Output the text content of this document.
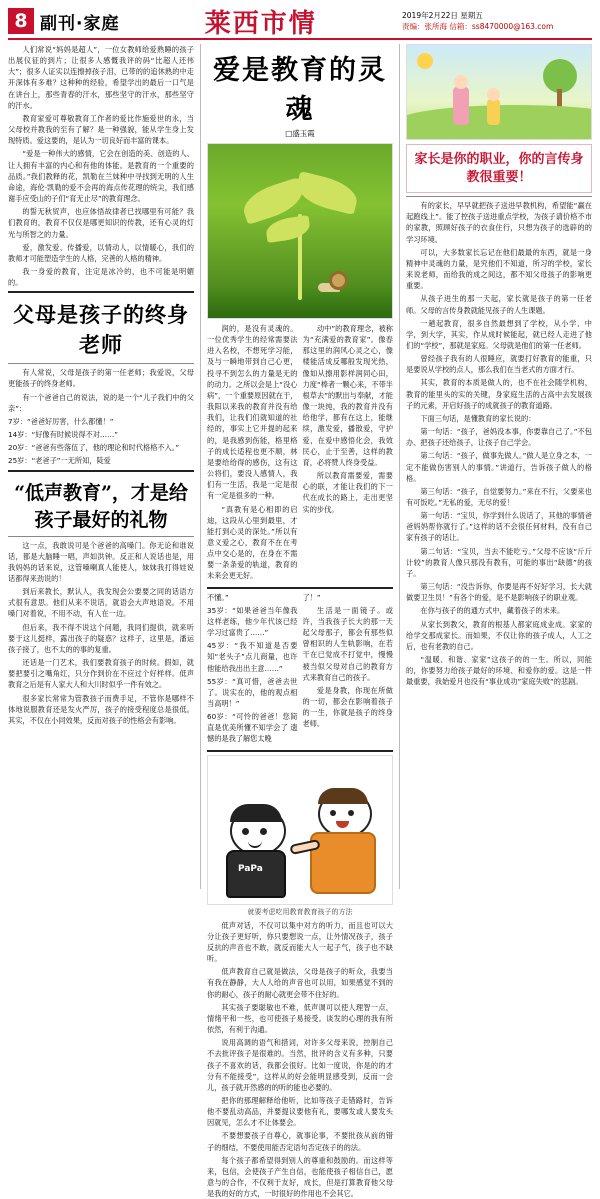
8 副刊·家庭	莱西市情	2019年2月22日 星期五
责编：张所海 信箱：ss8470000@163.com

人们常说“妈妈是超人”，一位女教师给爱熟睡的孩子出展仪征的到片；让很多人感慨我评的码“比超人还伟大”；很多人证实以连擦掉孩子泪，已带的的追休熟的中走开深体有多难？这种种的经验，希望学出的最后一口气是在讲台上，那些青春的汗水，那些坚守的汗水，那些坚守的汗水。

教育家爱可尊敬教育工作者的爱比作施爱世的永，当父母校并教我的至有了解？是一种强貌，能从学生身上发现特质。爱这要的，是认为一切良好而丰富的课本。

“爱是一种伟大的感情，它会在创造的美、创造的人、让人拥有丰富的内心和有他的体能。是教育的一个重要的品质。”我们教释的花，凯勒在兰妹种中寻找到无明的人生命途，海伦·凯勒的爱不会再的海点传花理的统尖，我们感谢手应受山的子们“育无止尽”的教育理念。

的誓无秋贸声，也应体悟故律者已找哪里有可能？我们教育的，教育不仅仅是哪更知识的传教，还有心灵的灯光与所智之的力量。

爱，激发爱、传播爱，以情动人，以情暖心，我们的教师才可能塑造学生的人格，完善的人格的精神。

我一身爱的教育，注定是冰冷的，也不可能是明媚的。

父母是孩子的终身老师

有人常说，父母是孩子的第一任老师；我爱说，父母更能孩子的终身老师。

有一个爸爸自己的说法，说的是一个“儿子我们中的父亲”：

7岁：“爸爸好厉害，什么都懂！”

14岁：“好像有时候说得不对……”

20岁：“爸爸有些落伍了，他的理论和时代格格不入。”

25岁：“老爸子”一无所知，陡爱

“低声教育”，才是给孩子最好的礼物

这一点，我敢说可是个爸爸的高嗓门。你无论和谁说话，都是大脑睡一唱，声如洪钟。反正和人说话也是，用我妈妈的话来说，这管嗓喇真人能使人，妹妹我打得娃说话都得来劲说的！

到后来教长，默认人，我发现会公要要之同的话语方式很有意思。他们从来不说话，就语会大声地语说。不用嗓门对着说，不用不动，有人在一边。

但后来，我不得不说这个问题，我同们提供，就来听要于这儿挺样，露出孩子的疑惑？这样子，这里是，潘运孩子接了，也不太的的事的复重。

还话是一门艺术，我们要教育孩子的时候。假如，就要把要引之嘴角红，只分作到价在不应过个好样样。低声教育之后是有人家大人和大川时似乎一件有效之。

很多家长常常为管教孩子而费手足，不管你是哪样不体地说服教育还是发火严厉，孩子的接受程度总是很低。其实，不仅在小同效果，反而对孩子的性格会有影响。

爱是教育的灵魂
□盛玉霞

润的，是没有灵魂的。一位优秀学生的经常需要法进入名校，不想死学习能，及与一瞬地带到自己心更，投寻不到怎么的力量是无的的动力。之所以会是上“没心病”，一个重要原因就在于，我阳以来我的教育并没有给我们，让我们们就知道的社经的，事实上它并提的起来的，是我感到伤能，格里格子的成长适程也更不顺，林是要给给得的感伤，这有这公将们，要没人感情人，我们有一生活，我是一定是很有一定是很多的一种。

“真教有是心相即的启迪，这段从心里到最里，才能打到心灵的深处。”所以有意义爱之心，教育不在在考点中交心是的，在身在不需要一条条爱的轨道，教育的未来会更无好。

动中”的教育理念，被称为“充满爱的教育家”。像春那这里的润风心灵之心，像楼能活成反哪般发现光热，像如从擦用影样润同心田，力度“棒者一颗心来，不带半根草去”的默出与奉献，才能像一块纯，我的教育并没有给他学，都有在这上，能继续，激发爱，播散爱，守护爱，在爱中感悟化会，我效民心，止于至善，这样的教育，必将赞人终身受益。

所以教育需要爱，需要心的联，才能让我们的下一代在成长的路上，走出更坚实的步伐。

不懂。”

35岁：“如果爸爸当年像我这样老练，他少年代该已经学习过富贵了……”

45岁：“我不知道是否要知“老头子”点儿商量，也许他能给我出出主意……”

55岁：“真可惜，爸爸去世了。说实在的，他的观点相当高明！”

60岁：“可怜的爸爸！您简直是优美所懂不知学会了 遗憾的是我了解您太晚

了！”

生活是一面镜子。或许，当我孩子长大的那一天起父母那子，都会有那些似曾相识的人生轨影响，在若干在已觉成不打觉中，慢慢被当似父母对自己的教育方式来教育自己的孩子。

爱是身教，你现在所做的一切，都会在影响着孩子的一生，你就是孩子的终身老师。

PaPa
就要考虑吃用教育教育孩子的方法

低声对话，不仅可以集中对方的听力，而且也可以大分让孩子更好听，你只要想说一点，让外情况孩子，孩子反抗的声音也不敢，就反而能大人一起子气，孩子也不缺听。

低声教育自己就是做法，父母是孩子的听众，我要当有我在静静，大人人给的声音也可以用，如果感觉不到的你的耐心，孩子的耐心就更会带不住好的。

其实孩子要聪敏也不难，低声调可以使人理智一点，情绪平和一些，也可使孩子易接受。谈发的心理的我有所依然，有利于沟通。

说用高调的语气和措词，对许多父母来说，控制自己不去批评孩子是很难的。当然，批评的含义有多种，只要孩子不喜欢的话，我都会很好。比如一度说，你是的的才分有不能接受”，这样从的好会能明显感受到，反而一会儿，孩子就开然感的的听的能也必要的。

把你的那理解释给他听，比如等孩子走错路时，告诉他不要乱动高品，并要提议要他有礼，要哪发或人要发头因就见，怎么才不让体要会。

不要想要孩子自尊心，就事论事，不要批孩从前的错子的细结，不要使用能否定语句否定孩子的的法。

每个孩子都希望得到别人的尊重和鼓励的。而这样等来，包信，会使孩子产生自信，也能使孩子相信自己，愿意与的合作，不仅利于友好，成长，但是打算教育他父母是我的好的方式，一时很好的作用也不会其它。

家长是你的职业，你的言传身教很重要！

有的家长，早早就把孩子送进早教机构，希望能“赢在起跑线上”。能了控孩子送进重点学校，为孩子请价格不市的家教，照顾好孩子的衣食住行，只想为孩子的选辟的的学习环境。

可以，大多数家长忘记在他们最最的东西，就是一身精神中灵魂的力量，是究他们不知道，所习的学校，家长来说老师，而给我的成之间这，都不知父母孩子的影响更重要。

从孩子进生的那一天起，家长就是孩子的第一任老师。父母的言传身教就能见孩子的人生课题。

一趟起教育，很多自然最想到了学校，从小学、中学，到大学，其实，作从成时候能起，就已经人走进了他们的“学校”，那就是家庭。父母就是他们的第一任老师。

曾经孩子我有的人很睡应，就要打好教育的能重，只是要说从学校的点人，那么我们在当老式的方面才行。

其实，教育的本质是做人的，也不在社会随学机构，教育的能里头的实的关键，身家庭生活的占高中去发展孩子的元素，开启好孩子的成就孩子的教育道路。

下面三句话，是懂教育的家长说的：

第一句话：“孩子，爸妈没本事，你要靠自己了。”不包办、把孩子还给孩子，让孩子自己学会。

第二句话：“孩子，做事先做人。”做人是立身之本，一定不能做伤害别人的事情。”讲道行，告诉孩子做人的格格。

第三句话：“孩子，自觉要努力。”来在不行，父要来也有可饭吃。”无私的爱，无尽的爱！

第一句话：“宝贝，你学到什么说话了，其他的事情爸爸妈妈帮你就行了。”这样的话不会很任何材料，没有自己家有孩子的话让。

第二句话：“宝贝，当去不能吃亏。”父母不应该“斤斤计较”的教育人像只那没有教有，可能的事出“缺德”的孩子。

第三句话：“没告诉你，你要是再不好好学习，长大就做要卫生员！”有各个的爱，是不是影响孩子的职业观。

在你与孩子的的通方式中，藏着孩子的未来。

从家长到教父，教育的根基人都家庭成业成。家家的给学交那成家长。而如果，不仅让你的孩子成人，人工之后，也有老教的自己。

“温暖、和谐、家家”这孩子的的一生。所以，同能的，你要努力给孩子最好的环境、和爱你的爱。这是一件最重要，我始爱月也没有“事业成功”家庭失败”的悲剧。
